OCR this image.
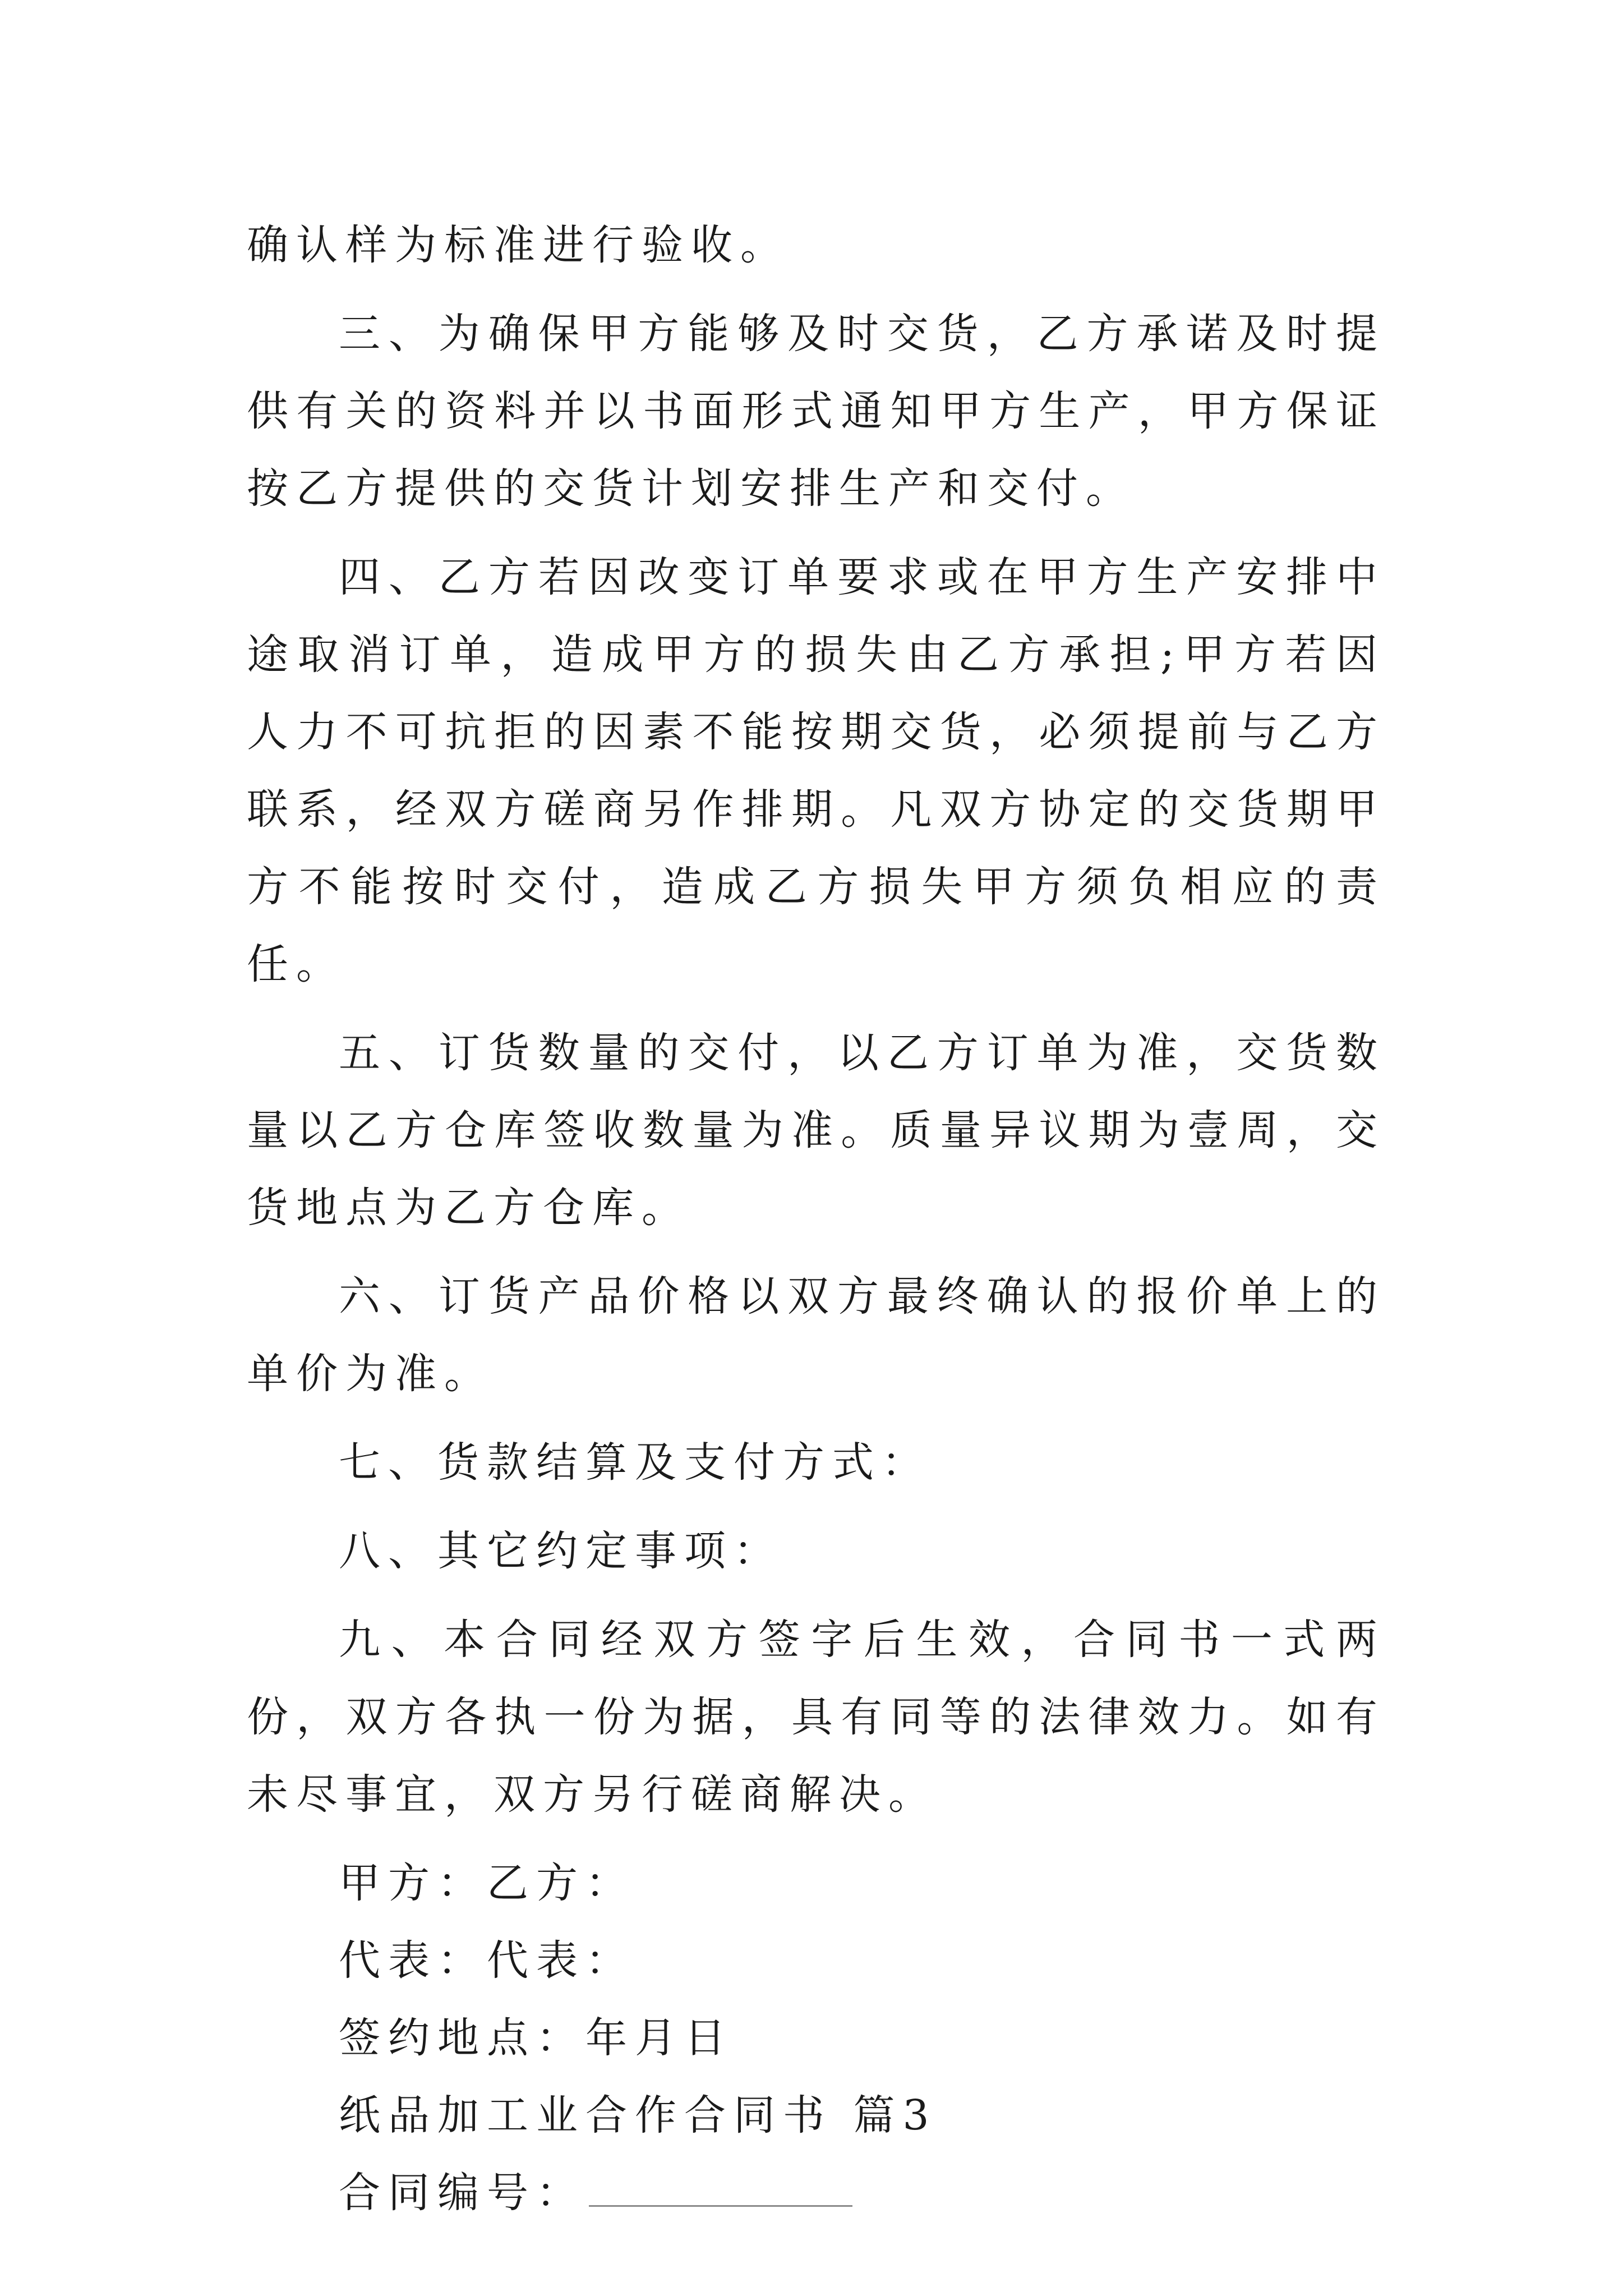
确认样为标准进行验收。

三、为确保甲方能够及时交货，乙方承诺及时提供有关的资料并以书面形式通知甲方生产，甲方保证按乙方提供的交货计划安排生产和交付。

四、乙方若因改变订单要求或在甲方生产安排中途取消订单，造成甲方的损失由乙方承担;甲方若因人力不可抗拒的因素不能按期交货，必须提前与乙方联系，经双方磋商另作排期。凡双方协定的交货期甲方不能按时交付，造成乙方损失甲方须负相应的责任。

五、订货数量的交付，以乙方订单为准，交货数量以乙方仓库签收数量为准。质量异议期为壹周，交货地点为乙方仓库。

六、订货产品价格以双方最终确认的报价单上的单价为准。

七、货款结算及支付方式：

八、其它约定事项：

九、本合同经双方签字后生效，合同书一式两份，双方各执一份为据，具有同等的法律效力。如有未尽事宜，双方另行磋商解决。

甲方：乙方：

代表：代表：

签约地点：年月日

纸品加工业合作合同书 篇3

合同编号：
